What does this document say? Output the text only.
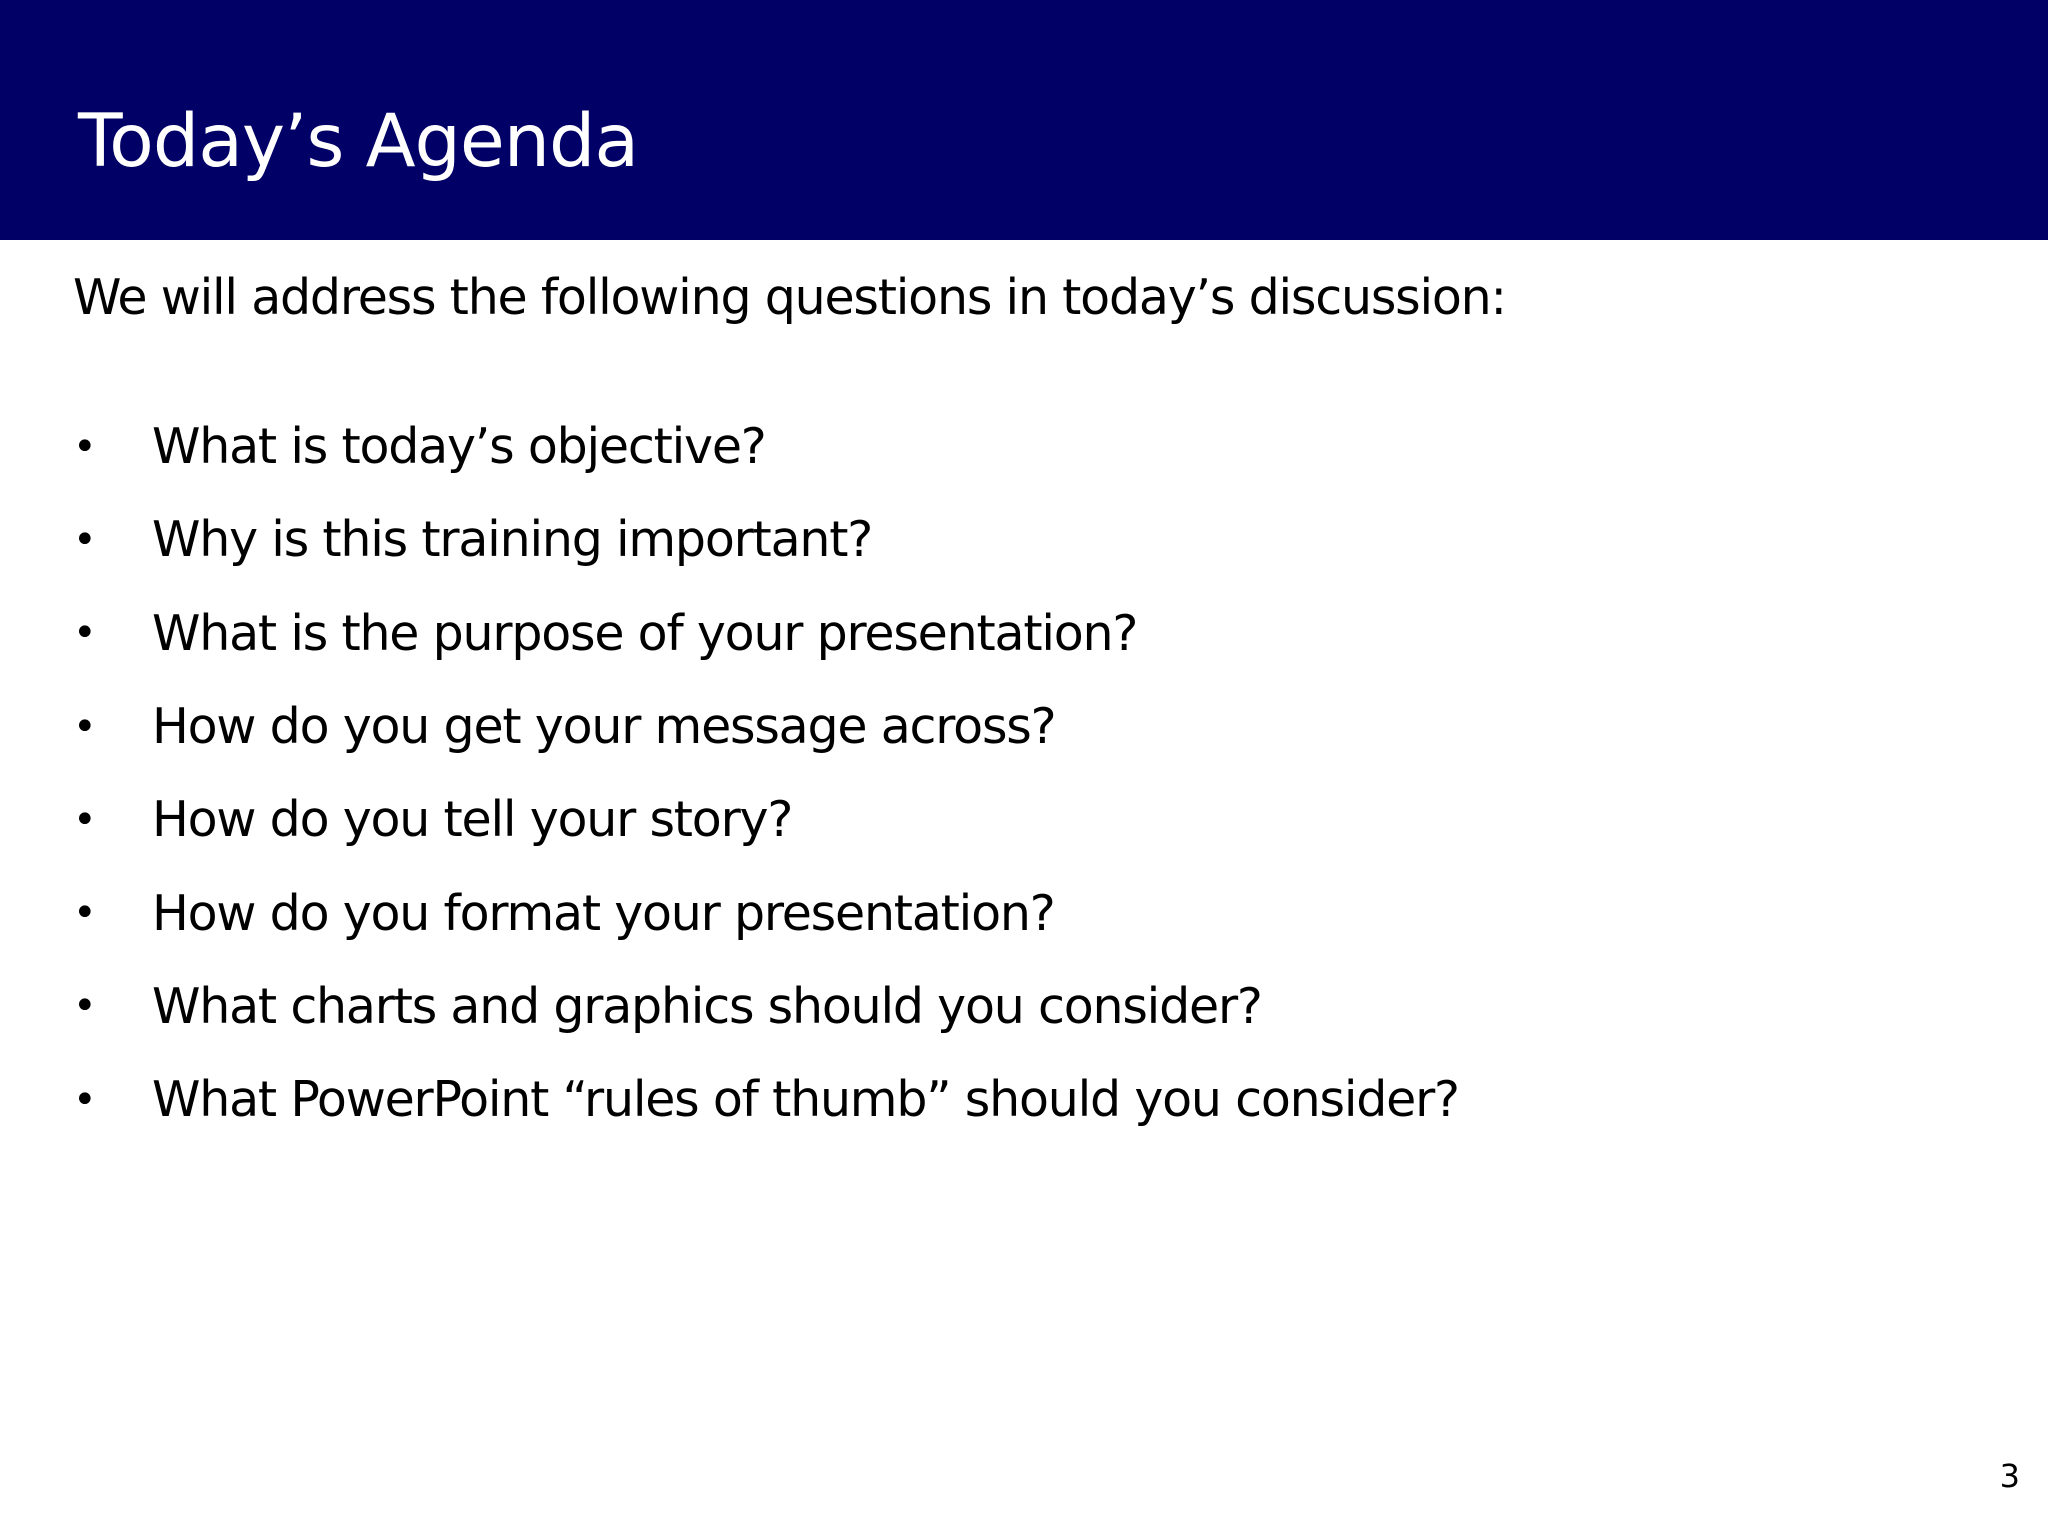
Today’s Agenda

We will address the following questions in today’s discussion:

•	What is today’s objective?
•	Why is this training important?
•	What is the purpose of your presentation?
•	How do you get your message across?
•	How do you tell your story?
•	How do you format your presentation?
•	What charts and graphics should you consider?
•	What PowerPoint “rules of thumb” should you consider?
3
